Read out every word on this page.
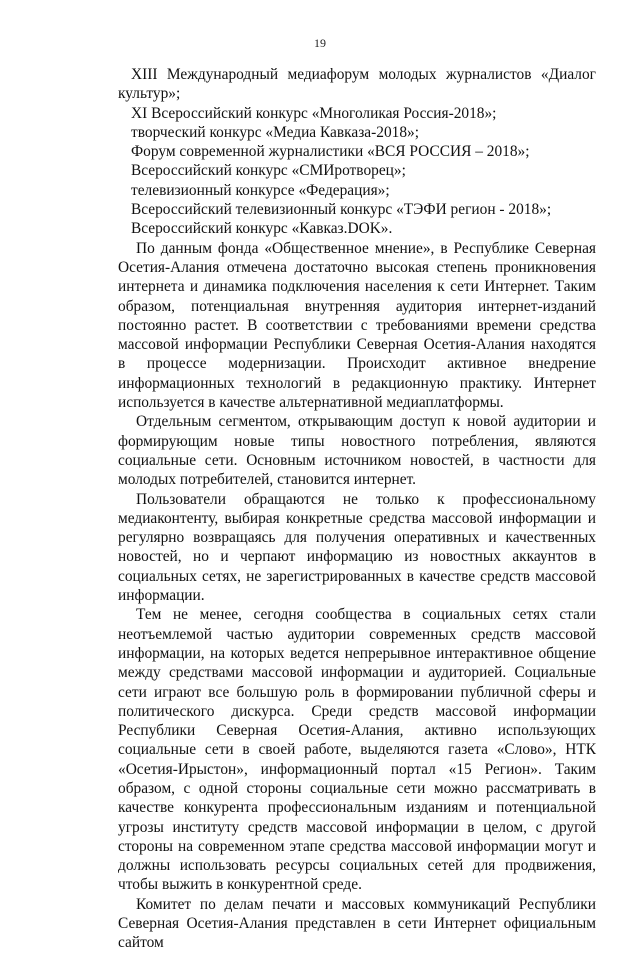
19

XIII Международный медиафорум молодых журналистов «Диалог культур»;

XI Всероссийский конкурс «Многоликая Россия-2018»;

творческий конкурс «Медиа Кавказа-2018»;

Форум современной журналистики «ВСЯ РОССИЯ – 2018»;

Всероссийский конкурс «СМИротворец»;

телевизионный конкурсе «Федерация»;

Всероссийский телевизионный конкурс «ТЭФИ регион - 2018»;

Всероссийский конкурс «Кавказ.DOK».

По данным фонда «Общественное мнение», в Республике Северная Осетия-Алания отмечена достаточно высокая степень проникновения интернета и динамика подключения населения к сети Интернет. Таким образом, потенциальная внутренняя аудитория интернет-изданий постоянно растет. В соответствии с требованиями времени средства массовой информации Республики Северная Осетия-Алания находятся в процессе модернизации. Происходит активное внедрение информационных технологий в редакционную практику. Интернет используется в качестве альтернативной медиаплатформы.

Отдельным сегментом, открывающим доступ к новой аудитории и формирующим новые типы новостного потребления, являются социальные сети. Основным источником новостей, в частности для молодых потребителей, становится интернет.

Пользователи обращаются не только к профессиональному медиаконтенту, выбирая конкретные средства массовой информации и регулярно возвращаясь для получения оперативных и качественных новостей, но и черпают информацию из новостных аккаунтов в социальных сетях, не зарегистрированных в качестве средств массовой информации.

Тем не менее, сегодня сообщества в социальных сетях стали неотъемлемой частью аудитории современных средств массовой информации, на которых ведется непрерывное интерактивное общение между средствами массовой информации и аудиторией. Социальные сети играют все большую роль в формировании публичной сферы и политического дискурса. Среди средств массовой информации Республики Северная Осетия-Алания, активно использующих социальные сети в своей работе, выделяются газета «Слово», НТК «Осетия-Ирыстон», информационный портал «15 Регион». Таким образом, с одной стороны социальные сети можно рассматривать в качестве конкурента профессиональным изданиям и потенциальной угрозы институту средств массовой информации в целом, с другой стороны на современном этапе средства массовой информации могут и должны использовать ресурсы социальных сетей для продвижения, чтобы выжить в конкурентной среде.

Комитет по делам печати и массовых коммуникаций Республики Северная Осетия-Алания представлен в сети Интернет официальным сайтом
